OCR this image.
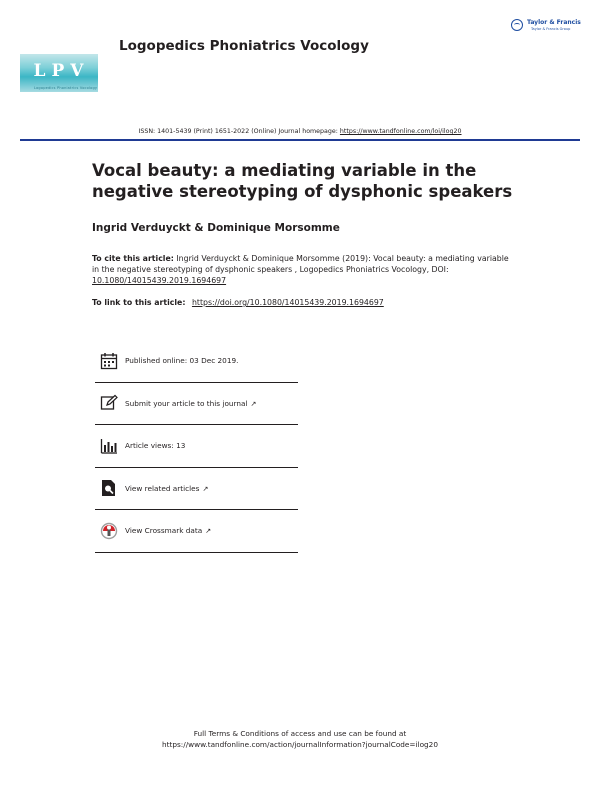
LPV
Logopedics Phoniatrics Vocology
Logopedics Phoniatrics Vocology
Taylor & Francis
Taylor & Francis Group
ISSN: 1401-5439 (Print) 1651-2022 (Online) Journal homepage: https://www.tandfonline.com/loi/ilog20
Vocal beauty: a mediating variable in the negative stereotyping of dysphonic speakers
Ingrid Verduyckt & Dominique Morsomme
To cite this article: Ingrid Verduyckt & Dominique Morsomme (2019): Vocal beauty: a mediating variable in the negative stereotyping of dysphonic speakers , Logopedics Phoniatrics Vocology, DOI: 10.1080/14015439.2019.1694697
To link to this article: https://doi.org/10.1080/14015439.2019.1694697
Published online: 03 Dec 2019.
Submit your article to this journal ↗
Article views: 13
View related articles ↗
View Crossmark data ↗
Full Terms & Conditions of access and use can be found at
https://www.tandfonline.com/action/journalInformation?journalCode=ilog20
